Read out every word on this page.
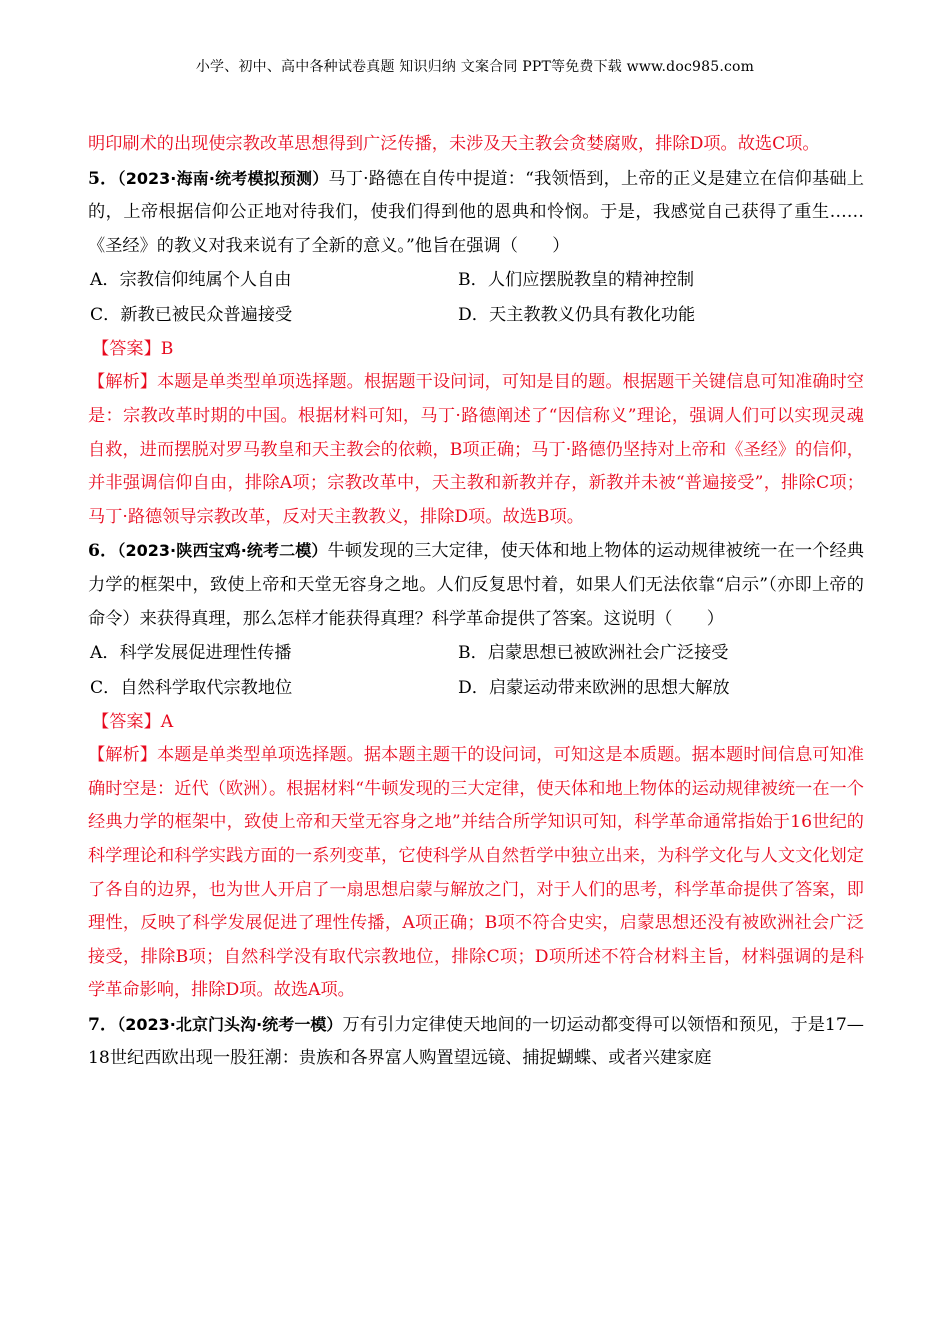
小学、初中、高中各种试卷真题 知识归纳 文案合同 PPT等免费下载 www.doc985.com

明印刷术的出现使宗教改革思想得到广泛传播，未涉及天主教会贪婪腐败，排除D项。故选C项。

5．（2023·海南·统考模拟预测）马丁·路德在自传中提道：“我领悟到，上帝的正义是建立在信仰基础上的，上帝根据信仰公正地对待我们，使我们得到他的恩典和怜悯。于是，我感觉自己获得了重生……《圣经》的教义对我来说有了全新的意义。”他旨在强调（　　）

A．宗教信仰纯属个人自由	B．人们应摆脱教皇的精神控制
C．新教已被民众普遍接受	D．天主教教义仍具有教化功能
【答案】B

【解析】本题是单类型单项选择题。根据题干设问词，可知是目的题。根据题干关键信息可知准确时空是：宗教改革时期的中国。根据材料可知，马丁·路德阐述了“因信称义”理论，强调人们可以实现灵魂自救，进而摆脱对罗马教皇和天主教会的依赖，B项正确；马丁·路德仍坚持对上帝和《圣经》的信仰，并非强调信仰自由，排除A项；宗教改革中，天主教和新教并存，新教并未被“普遍接受”，排除C项；马丁·路德领导宗教改革，反对天主教教义，排除D项。故选B项。

6．（2023·陕西宝鸡·统考二模）牛顿发现的三大定律，使天体和地上物体的运动规律被统一在一个经典力学的框架中，致使上帝和天堂无容身之地。人们反复思忖着，如果人们无法依靠“启示”（亦即上帝的命令）来获得真理，那么怎样才能获得真理？科学革命提供了答案。这说明（　　）

A．科学发展促进理性传播	B．启蒙思想已被欧洲社会广泛接受
C．自然科学取代宗教地位	D．启蒙运动带来欧洲的思想大解放
【答案】A

【解析】本题是单类型单项选择题。据本题主题干的设问词，可知这是本质题。据本题时间信息可知准确时空是：近代（欧洲）。根据材料“牛顿发现的三大定律，使天体和地上物体的运动规律被统一在一个经典力学的框架中，致使上帝和天堂无容身之地”并结合所学知识可知，科学革命通常指始于16世纪的科学理论和科学实践方面的一系列变革，它使科学从自然哲学中独立出来，为科学文化与人文文化划定了各自的边界，也为世人开启了一扇思想启蒙与解放之门，对于人们的思考，科学革命提供了答案，即理性，反映了科学发展促进了理性传播，A项正确；B项不符合史实，启蒙思想还没有被欧洲社会广泛接受，排除B项；自然科学没有取代宗教地位，排除C项；D项所述不符合材料主旨，材料强调的是科学革命影响，排除D项。故选A项。

7．（2023·北京门头沟·统考一模）万有引力定律使天地间的一切运动都变得可以领悟和预见，于是17—18世纪西欧出现一股狂潮：贵族和各界富人购置望远镜、捕捉蝴蝶、或者兴建家庭
